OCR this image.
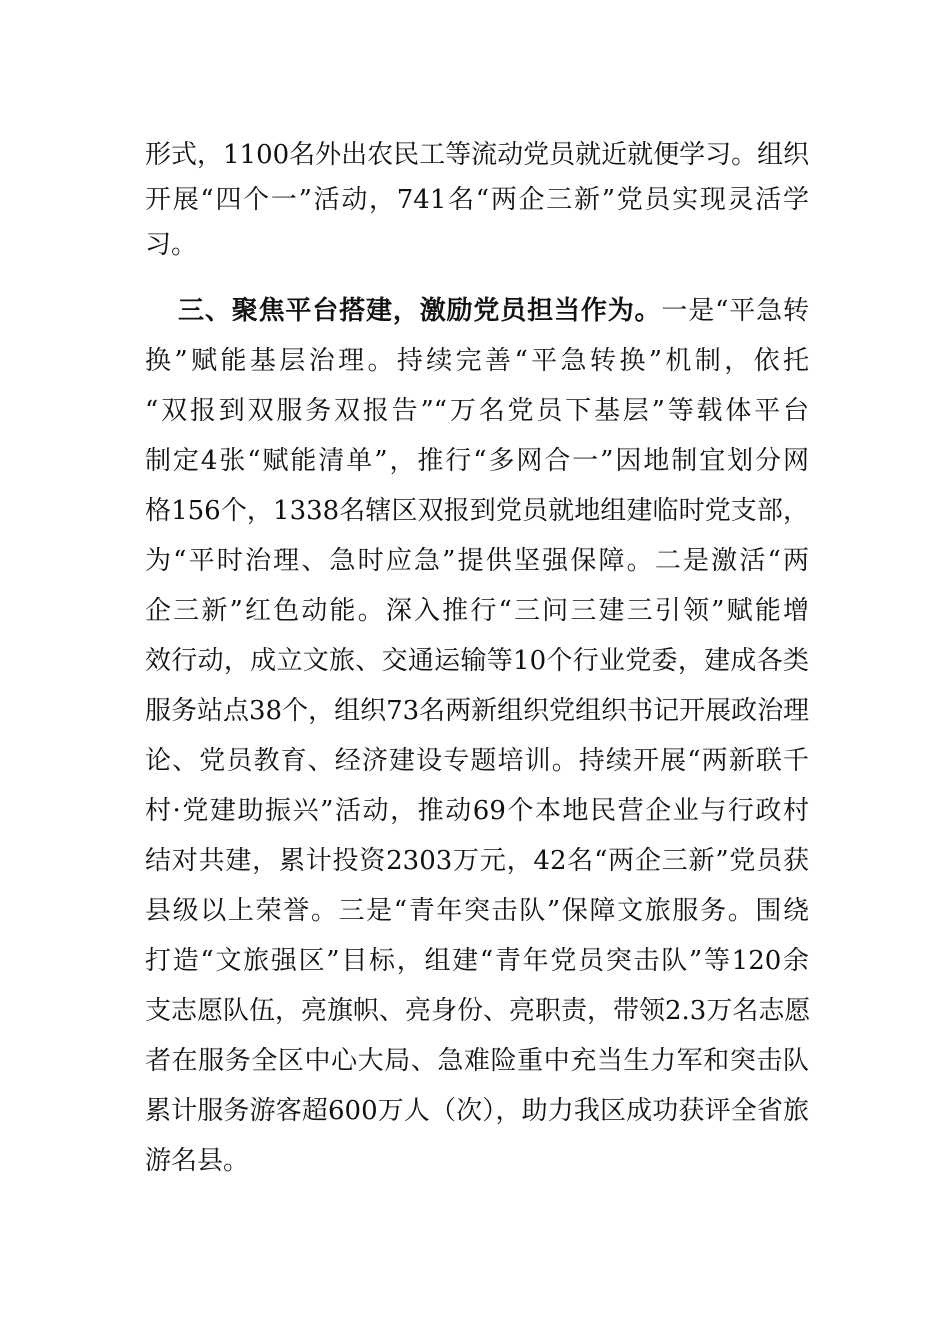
形式，1100名外出农民工等流动党员就近就便学习。组织

开展“四个一”活动，741名“两企三新”党员实现灵活学

习。

三、聚焦平台搭建，激励党员担当作为。一是“平急转

换”赋能基层治理。持续完善“平急转换”机制，依托

“双报到双服务双报告”“万名党员下基层”等载体平台

制定4张“赋能清单”，推行“多网合一”因地制宜划分网

格156个，1338名辖区双报到党员就地组建临时党支部，

为“平时治理、急时应急”提供坚强保障。二是激活“两

企三新”红色动能。深入推行“三问三建三引领”赋能增

效行动，成立文旅、交通运输等10个行业党委，建成各类

服务站点38个，组织73名两新组织党组织书记开展政治理

论、党员教育、经济建设专题培训。持续开展“两新联千

村·党建助振兴”活动，推动69个本地民营企业与行政村

结对共建，累计投资2303万元，42名“两企三新”党员获

县级以上荣誉。三是“青年突击队”保障文旅服务。围绕

打造“文旅强区”目标，组建“青年党员突击队”等120余

支志愿队伍，亮旗帜、亮身份、亮职责，带领2.3万名志愿

者在服务全区中心大局、急难险重中充当生力军和突击队

累计服务游客超600万人（次），助力我区成功获评全省旅

游名县。
